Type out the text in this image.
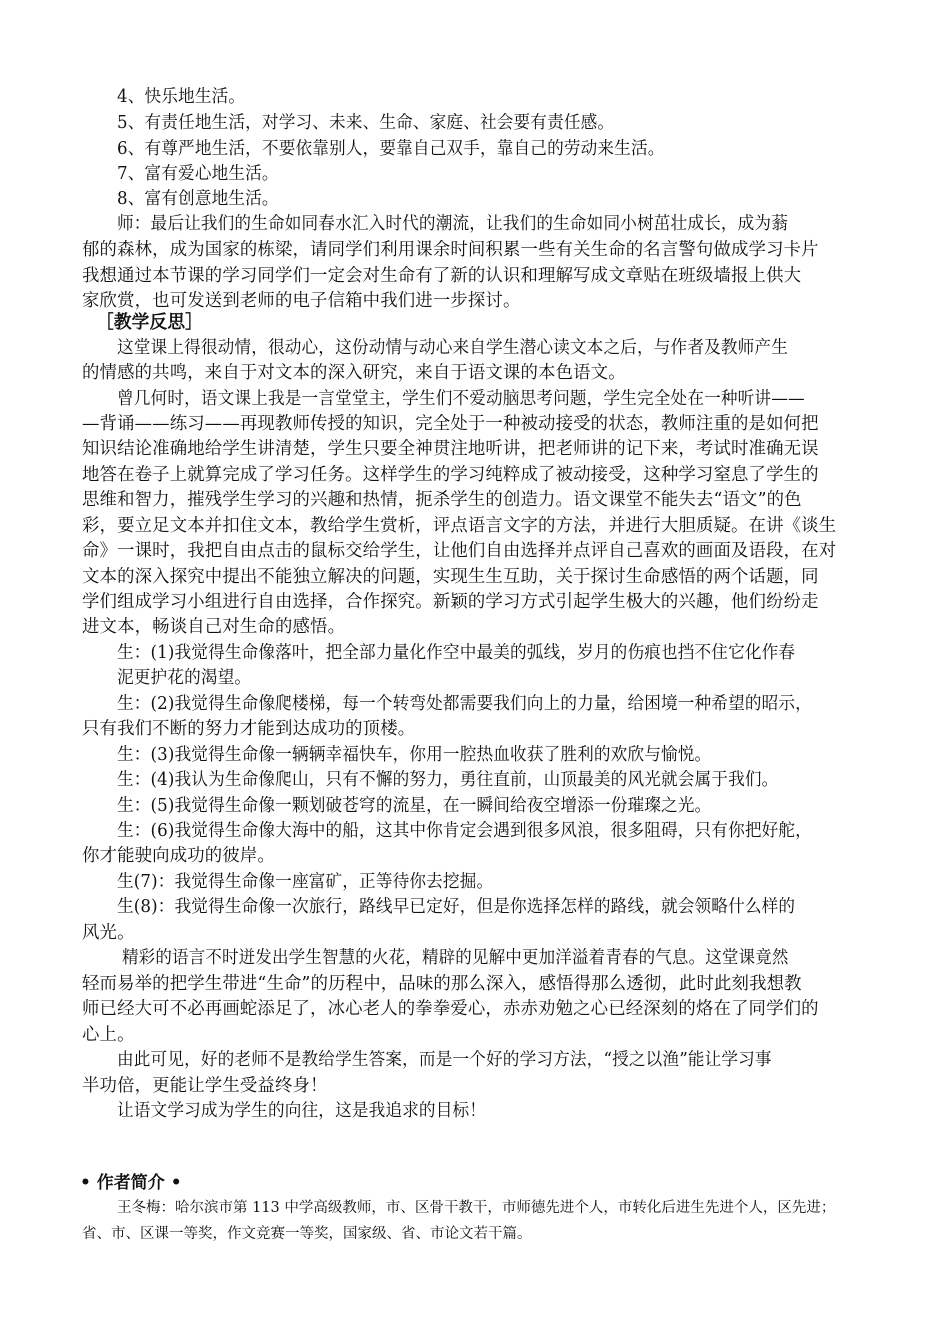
4、快乐地生活。
5、有责任地生活，对学习、未来、生命、家庭、社会要有责任感。
6、有尊严地生活，不要依靠别人，要靠自己双手，靠自己的劳动来生活。
7、富有爱心地生活。
8、富有创意地生活。
师：最后让我们的生命如同春水汇入时代的潮流，让我们的生命如同小树茁壮成长，成为蓊
郁的森林，成为国家的栋梁，请同学们利用课余时间积累一些有关生命的名言警句做成学习卡片
我想通过本节课的学习同学们一定会对生命有了新的认识和理解写成文章贴在班级墙报上供大
家欣赏，也可发送到老师的电子信箱中我们进一步探讨。
［教学反思］
这堂课上得很动情，很动心，这份动情与动心来自学生潜心读文本之后，与作者及教师产生
的情感的共鸣，来自于对文本的深入研究，来自于语文课的本色语文。
曾几何时，语文课上我是一言堂堂主，学生们不爱动脑思考问题，学生完全处在一种听讲——
—背诵——练习——再现教师传授的知识，完全处于一种被动接受的状态，教师注重的是如何把
知识结论准确地给学生讲清楚，学生只要全神贯注地听讲，把老师讲的记下来，考试时准确无误
地答在卷子上就算完成了学习任务。这样学生的学习纯粹成了被动接受，这种学习窒息了学生的
思维和智力，摧残学生学习的兴趣和热情，扼杀学生的创造力。语文课堂不能失去“语文”的色
彩，要立足文本并扣住文本，教给学生赏析，评点语言文字的方法，并进行大胆质疑。在讲《谈生
命》一课时，我把自由点击的鼠标交给学生，让他们自由选择并点评自己喜欢的画面及语段，在对
文本的深入探究中提出不能独立解决的问题，实现生生互助，关于探讨生命感悟的两个话题，同
学们组成学习小组进行自由选择，合作探究。新颖的学习方式引起学生极大的兴趣，他们纷纷走
进文本，畅谈自己对生命的感悟。
生：(1)我觉得生命像落叶，把全部力量化作空中最美的弧线，岁月的伤痕也挡不住它化作春
泥更护花的渴望。
生：(2)我觉得生命像爬楼梯，每一个转弯处都需要我们向上的力量，给困境一种希望的昭示，
只有我们不断的努力才能到达成功的顶楼。
生：(3)我觉得生命像一辆辆幸福快车，你用一腔热血收获了胜利的欢欣与愉悦。
生：(4)我认为生命像爬山，只有不懈的努力，勇往直前，山顶最美的风光就会属于我们。
生：(5)我觉得生命像一颗划破苍穹的流星，在一瞬间给夜空增添一份璀璨之光。
生：(6)我觉得生命像大海中的船，这其中你肯定会遇到很多风浪，很多阻碍，只有你把好舵，
你才能驶向成功的彼岸。
生(7)：我觉得生命像一座富矿，正等待你去挖掘。
生(8)：我觉得生命像一次旅行，路线早已定好，但是你选择怎样的路线，就会领略什么样的
风光。
精彩的语言不时迸发出学生智慧的火花，精辟的见解中更加洋溢着青春的气息。这堂课竟然
轻而易举的把学生带进“生命”的历程中，品味的那么深入，感悟得那么透彻，此时此刻我想教
师已经大可不必再画蛇添足了，冰心老人的拳拳爱心，赤赤劝勉之心已经深刻的烙在了同学们的
心上。
由此可见，好的老师不是教给学生答案，而是一个好的学习方法，“授之以渔”能让学习事
半功倍，更能让学生受益终身！
让语文学习成为学生的向往，这是我追求的目标！
• 作者简介 •
王冬梅：哈尔滨市第 113 中学高级教师，市、区骨干教干，市师德先进个人，市转化后进生先进个人，区先进；
省、市、区课一等奖，作文竞赛一等奖，国家级、省、市论文若干篇。
